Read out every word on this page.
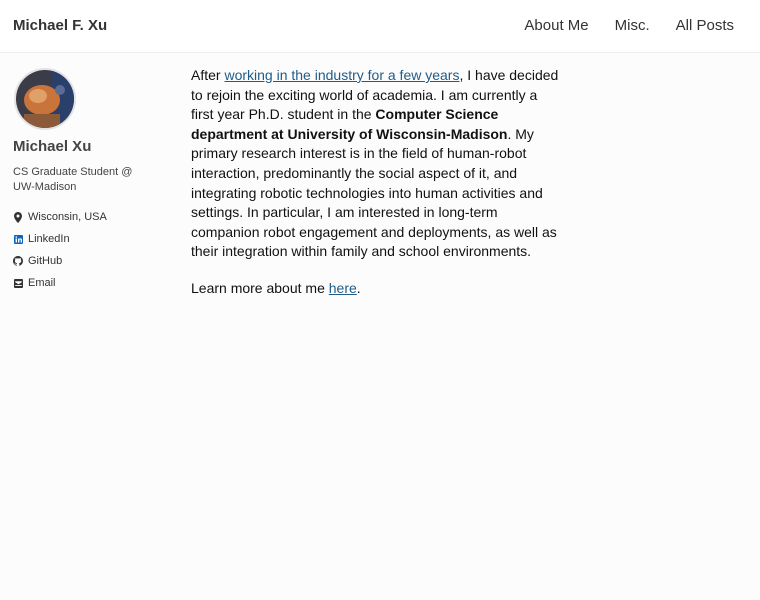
Michael F. Xu	About Me Misc. All Posts
Michael Xu
CS Graduate Student @ UW-Madison
Wisconsin, USA
LinkedIn
GitHub
Email

After working in the industry for a few years, I have decided to rejoin the exciting world of academia. I am currently a first year Ph.D. student in the Computer Science department at University of Wisconsin-Madison. My primary research interest is in the field of human-robot interaction, predominantly the social aspect of it, and integrating robotic technologies into human activities and settings. In particular, I am interested in long-term companion robot engagement and deployments, as well as their integration within family and school environments.

Learn more about me here.
